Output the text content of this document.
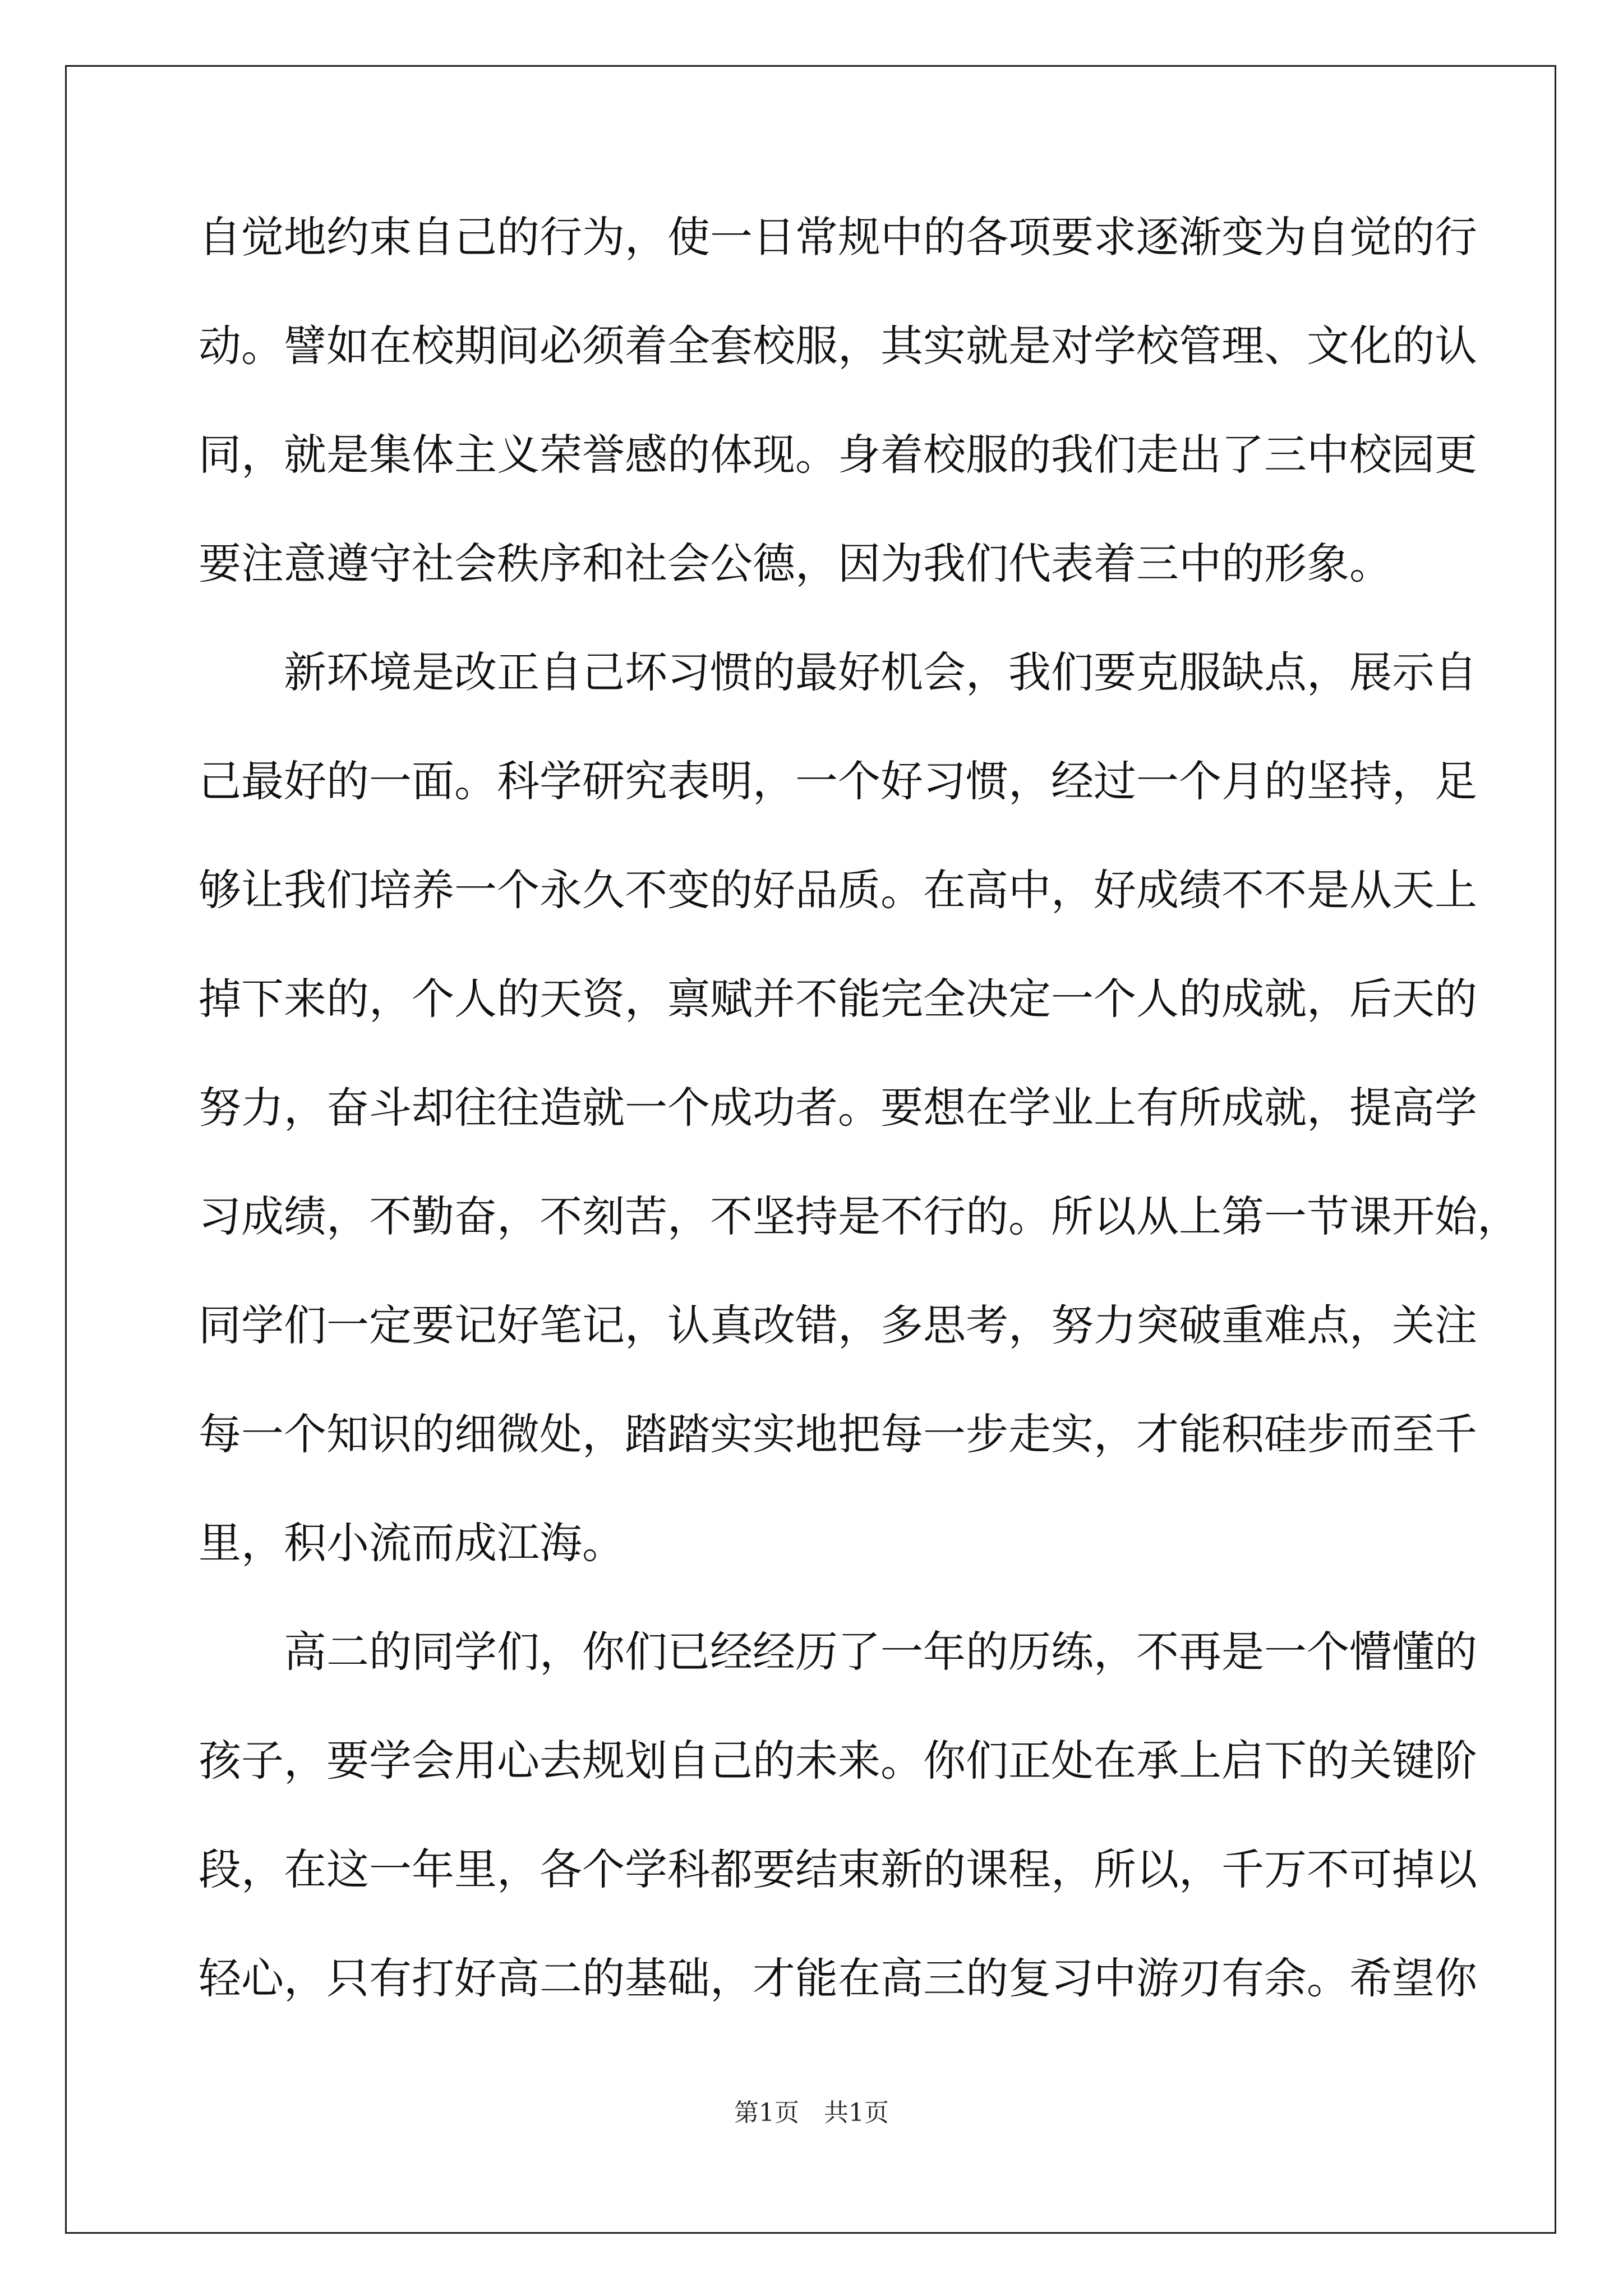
自觉地约束自己的行为，使一日常规中的各项要求逐渐变为自觉的行
动。譬如在校期间必须着全套校服，其实就是对学校管理、文化的认
同，就是集体主义荣誉感的体现。身着校服的我们走出了三中校园更
要注意遵守社会秩序和社会公德，因为我们代表着三中的形象。
新环境是改正自己坏习惯的最好机会，我们要克服缺点，展示自
己最好的一面。科学研究表明，一个好习惯，经过一个月的坚持，足
够让我们培养一个永久不变的好品质。在高中，好成绩不不是从天上
掉下来的，个人的天资，禀赋并不能完全决定一个人的成就，后天的
努力，奋斗却往往造就一个成功者。要想在学业上有所成就，提高学
习成绩，不勤奋，不刻苦，不坚持是不行的。所以从上第一节课开始，
同学们一定要记好笔记，认真改错，多思考，努力突破重难点，关注
每一个知识的细微处，踏踏实实地把每一步走实，才能积硅步而至千
里，积小流而成江海。
高二的同学们，你们已经经历了一年的历练，不再是一个懵懂的
孩子，要学会用心去规划自己的未来。你们正处在承上启下的关键阶
段，在这一年里，各个学科都要结束新的课程，所以，千万不可掉以
轻心，只有打好高二的基础，才能在高三的复习中游刃有余。希望你
第1页　共1页
